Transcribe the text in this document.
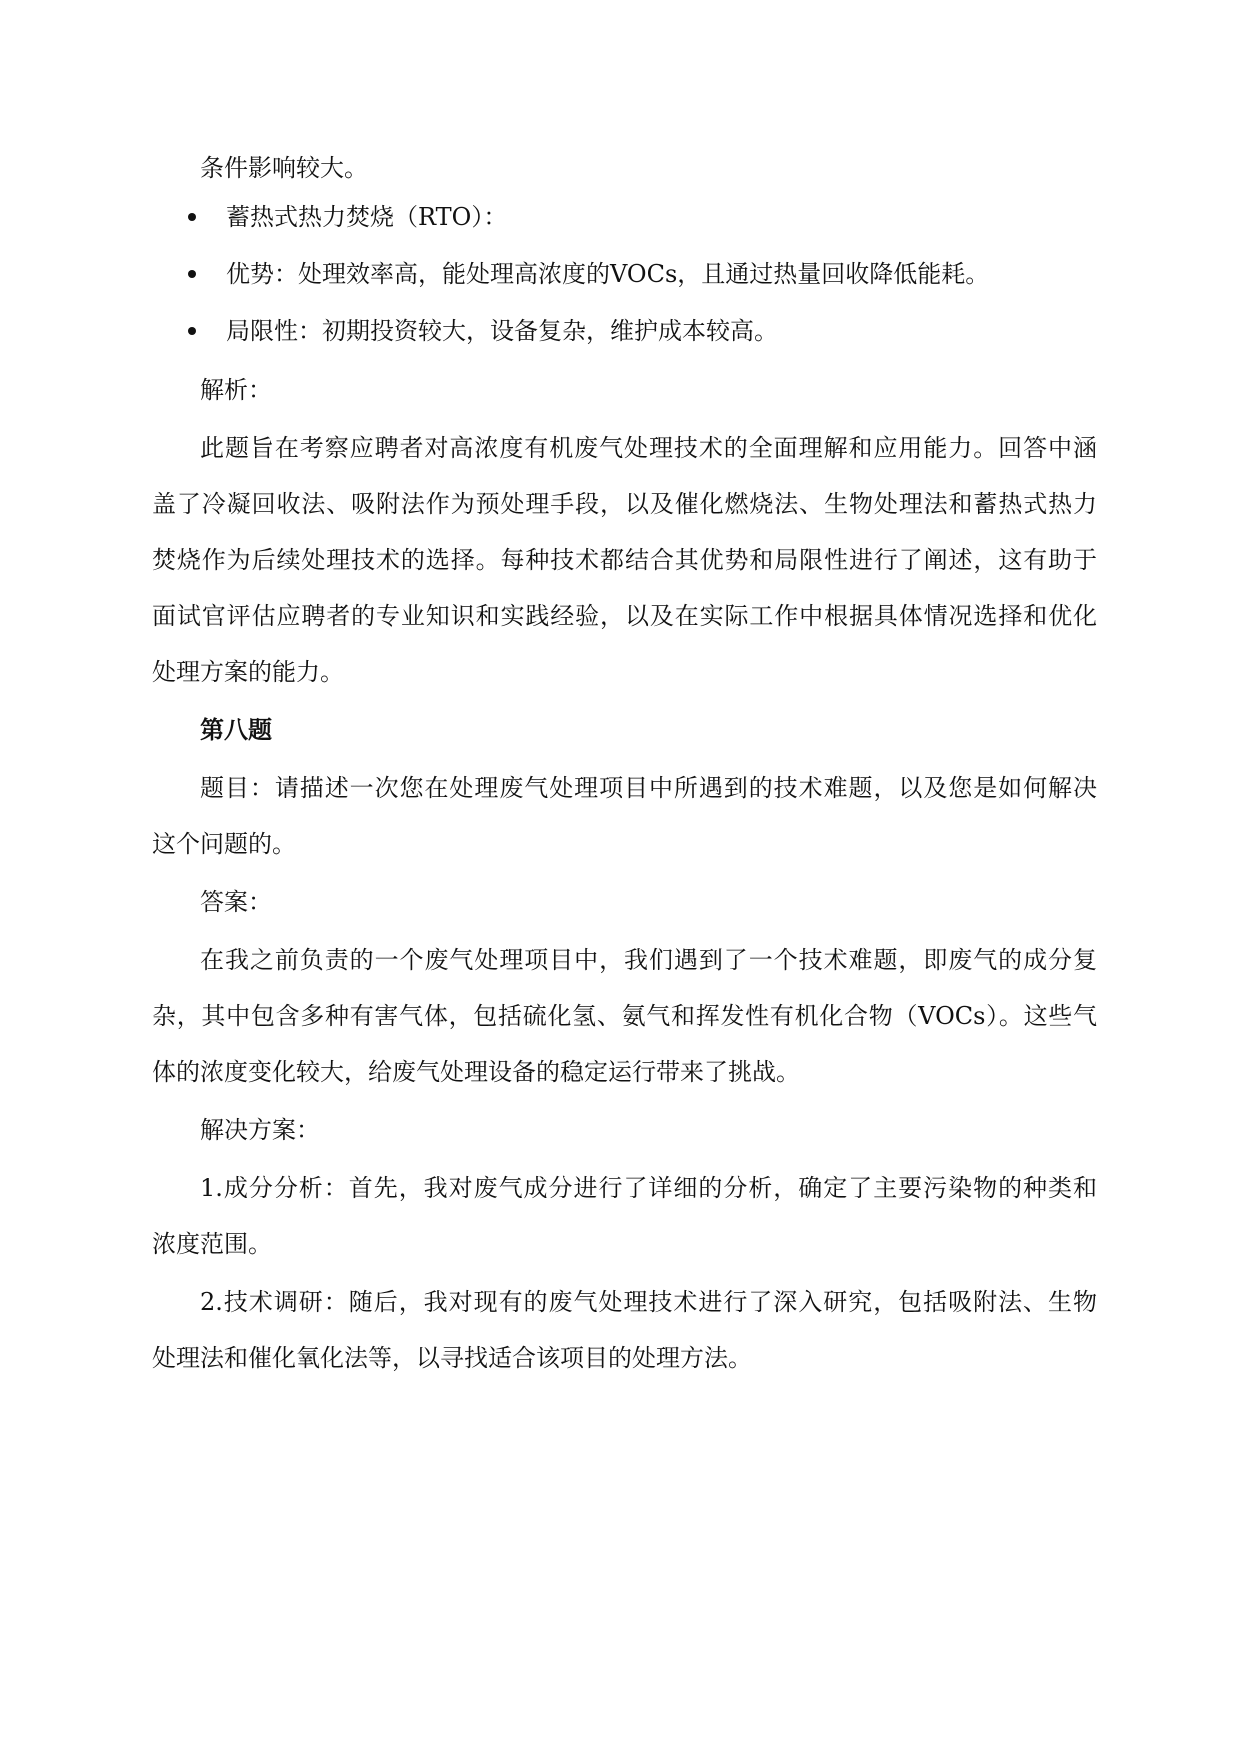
条件影响较大。
蓄热式热力焚烧（RTO）：
优势：处理效率高，能处理高浓度的VOCs，且通过热量回收降低能耗。
局限性：初期投资较大，设备复杂，维护成本较高。
解析：
此题旨在考察应聘者对高浓度有机废气处理技术的全面理解和应用能力。回答中涵
盖了冷凝回收法、吸附法作为预处理手段，以及催化燃烧法、生物处理法和蓄热式热力
焚烧作为后续处理技术的选择。每种技术都结合其优势和局限性进行了阐述，这有助于
面试官评估应聘者的专业知识和实践经验，以及在实际工作中根据具体情况选择和优化
处理方案的能力。
第八题
题目：请描述一次您在处理废气处理项目中所遇到的技术难题，以及您是如何解决
这个问题的。
答案：
在我之前负责的一个废气处理项目中，我们遇到了一个技术难题，即废气的成分复
杂，其中包含多种有害气体，包括硫化氢、氨气和挥发性有机化合物（VOCs）。这些气
体的浓度变化较大，给废气处理设备的稳定运行带来了挑战。
解决方案：
1.成分分析：首先，我对废气成分进行了详细的分析，确定了主要污染物的种类和
浓度范围。
2.技术调研：随后，我对现有的废气处理技术进行了深入研究，包括吸附法、生物
处理法和催化氧化法等，以寻找适合该项目的处理方法。
